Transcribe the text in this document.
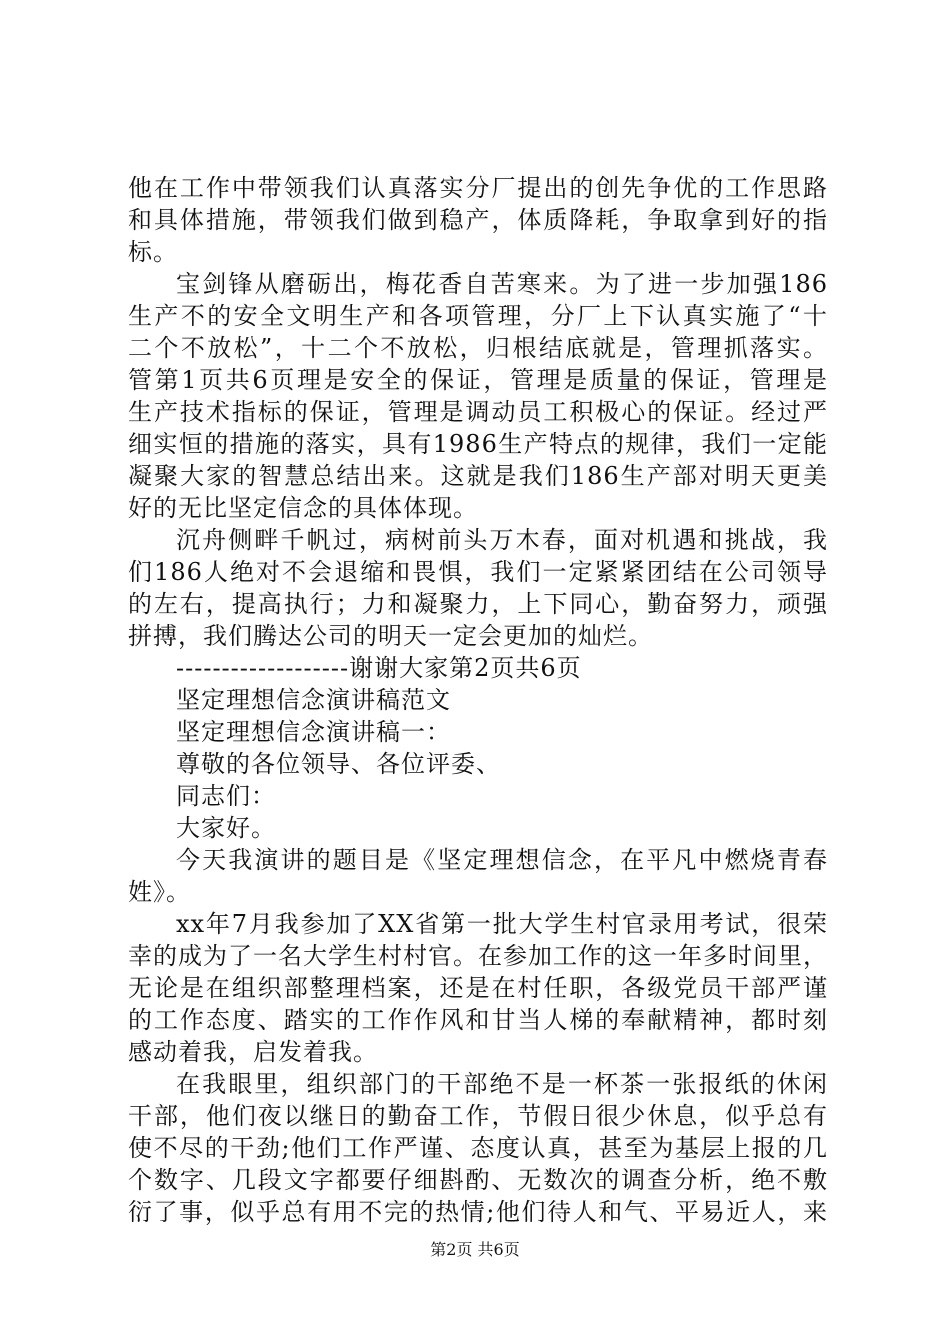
他在工作中带领我们认真落实分厂提出的创先争优的工作思路
和具体措施，带领我们做到稳产，体质降耗，争取拿到好的指
标。
宝剑锋从磨砺出，梅花香自苦寒来。为了进一步加强186
生产不的安全文明生产和各项管理，分厂上下认真实施了“十
二个不放松”，十二个不放松，归根结底就是，管理抓落实。
管第1页共6页理是安全的保证，管理是质量的保证，管理是
生产技术指标的保证，管理是调动员工积极心的保证。经过严
细实恒的措施的落实，具有1986生产特点的规律，我们一定能
凝聚大家的智慧总结出来。这就是我们186生产部对明天更美
好的无比坚定信念的具体体现。
沉舟侧畔千帆过，病树前头万木春，面对机遇和挑战，我
们186人绝对不会退缩和畏惧，我们一定紧紧团结在公司领导
的左右，提高执行；力和凝聚力，上下同心，勤奋努力，顽强
拼搏，我们腾达公司的明天一定会更加的灿烂。
-------------------谢谢大家第2页共6页
坚定理想信念演讲稿范文
坚定理想信念演讲稿一：
尊敬的各位领导、各位评委、
同志们：
大家好。
今天我演讲的题目是《坚定理想信念，在平凡中燃烧青春
姓》。
xx年7月我参加了XX省第一批大学生村官录用考试，很荣
幸的成为了一名大学生村村官。在参加工作的这一年多时间里，
无论是在组织部整理档案，还是在村任职，各级党员干部严谨
的工作态度、踏实的工作作风和甘当人梯的奉献精神，都时刻
感动着我，启发着我。
在我眼里，组织部门的干部绝不是一杯茶一张报纸的休闲
干部，他们夜以继日的勤奋工作，节假日很少休息，似乎总有
使不尽的干劲;他们工作严谨、态度认真，甚至为基层上报的几
个数字、几段文字都要仔细斟酌、无数次的调查分析，绝不敷
衍了事，似乎总有用不完的热情;他们待人和气、平易近人，来
第2页 共6页
